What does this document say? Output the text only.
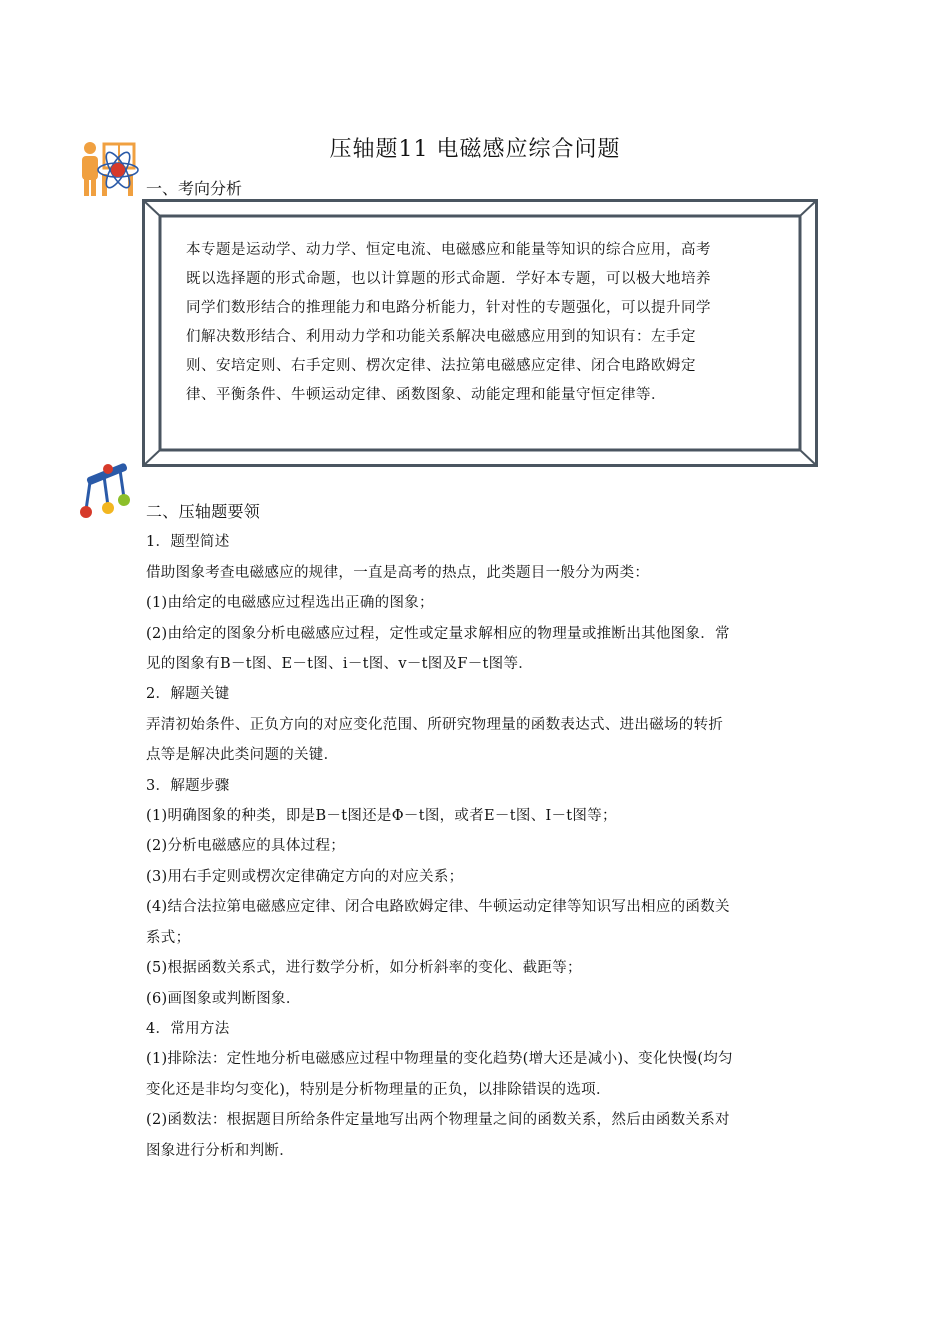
压轴题11 电磁感应综合问题
一、考向分析

本专题是运动学、动力学、恒定电流、电磁感应和能量等知识的综合应用，高考

既以选择题的形式命题，也以计算题的形式命题．学好本专题，可以极大地培养

同学们数形结合的推理能力和电路分析能力，针对性的专题强化，可以提升同学

们解决数形结合、利用动力学和功能关系解决电磁感应用到的知识有：左手定

则、安培定则、右手定则、楞次定律、法拉第电磁感应定律、闭合电路欧姆定

律、平衡条件、牛顿运动定律、函数图象、动能定理和能量守恒定律等．

二、压轴题要领
1．题型简述
借助图象考查电磁感应的规律，一直是高考的热点，此类题目一般分为两类：
(1)由给定的电磁感应过程选出正确的图象；
(2)由给定的图象分析电磁感应过程，定性或定量求解相应的物理量或推断出其他图象．常
见的图象有B－t图、E－t图、i－t图、v－t图及F－t图等．
2．解题关键
弄清初始条件、正负方向的对应变化范围、所研究物理量的函数表达式、进出磁场的转折
点等是解决此类问题的关键．
3．解题步骤
(1)明确图象的种类，即是B－t图还是Φ－t图，或者E－t图、I－t图等；
(2)分析电磁感应的具体过程；
(3)用右手定则或楞次定律确定方向的对应关系；
(4)结合法拉第电磁感应定律、闭合电路欧姆定律、牛顿运动定律等知识写出相应的函数关
系式；
(5)根据函数关系式，进行数学分析，如分析斜率的变化、截距等；
(6)画图象或判断图象．
4．常用方法
(1)排除法：定性地分析电磁感应过程中物理量的变化趋势(增大还是减小)、变化快慢(均匀
变化还是非均匀变化)，特别是分析物理量的正负，以排除错误的选项．
(2)函数法：根据题目所给条件定量地写出两个物理量之间的函数关系，然后由函数关系对
图象进行分析和判断．
